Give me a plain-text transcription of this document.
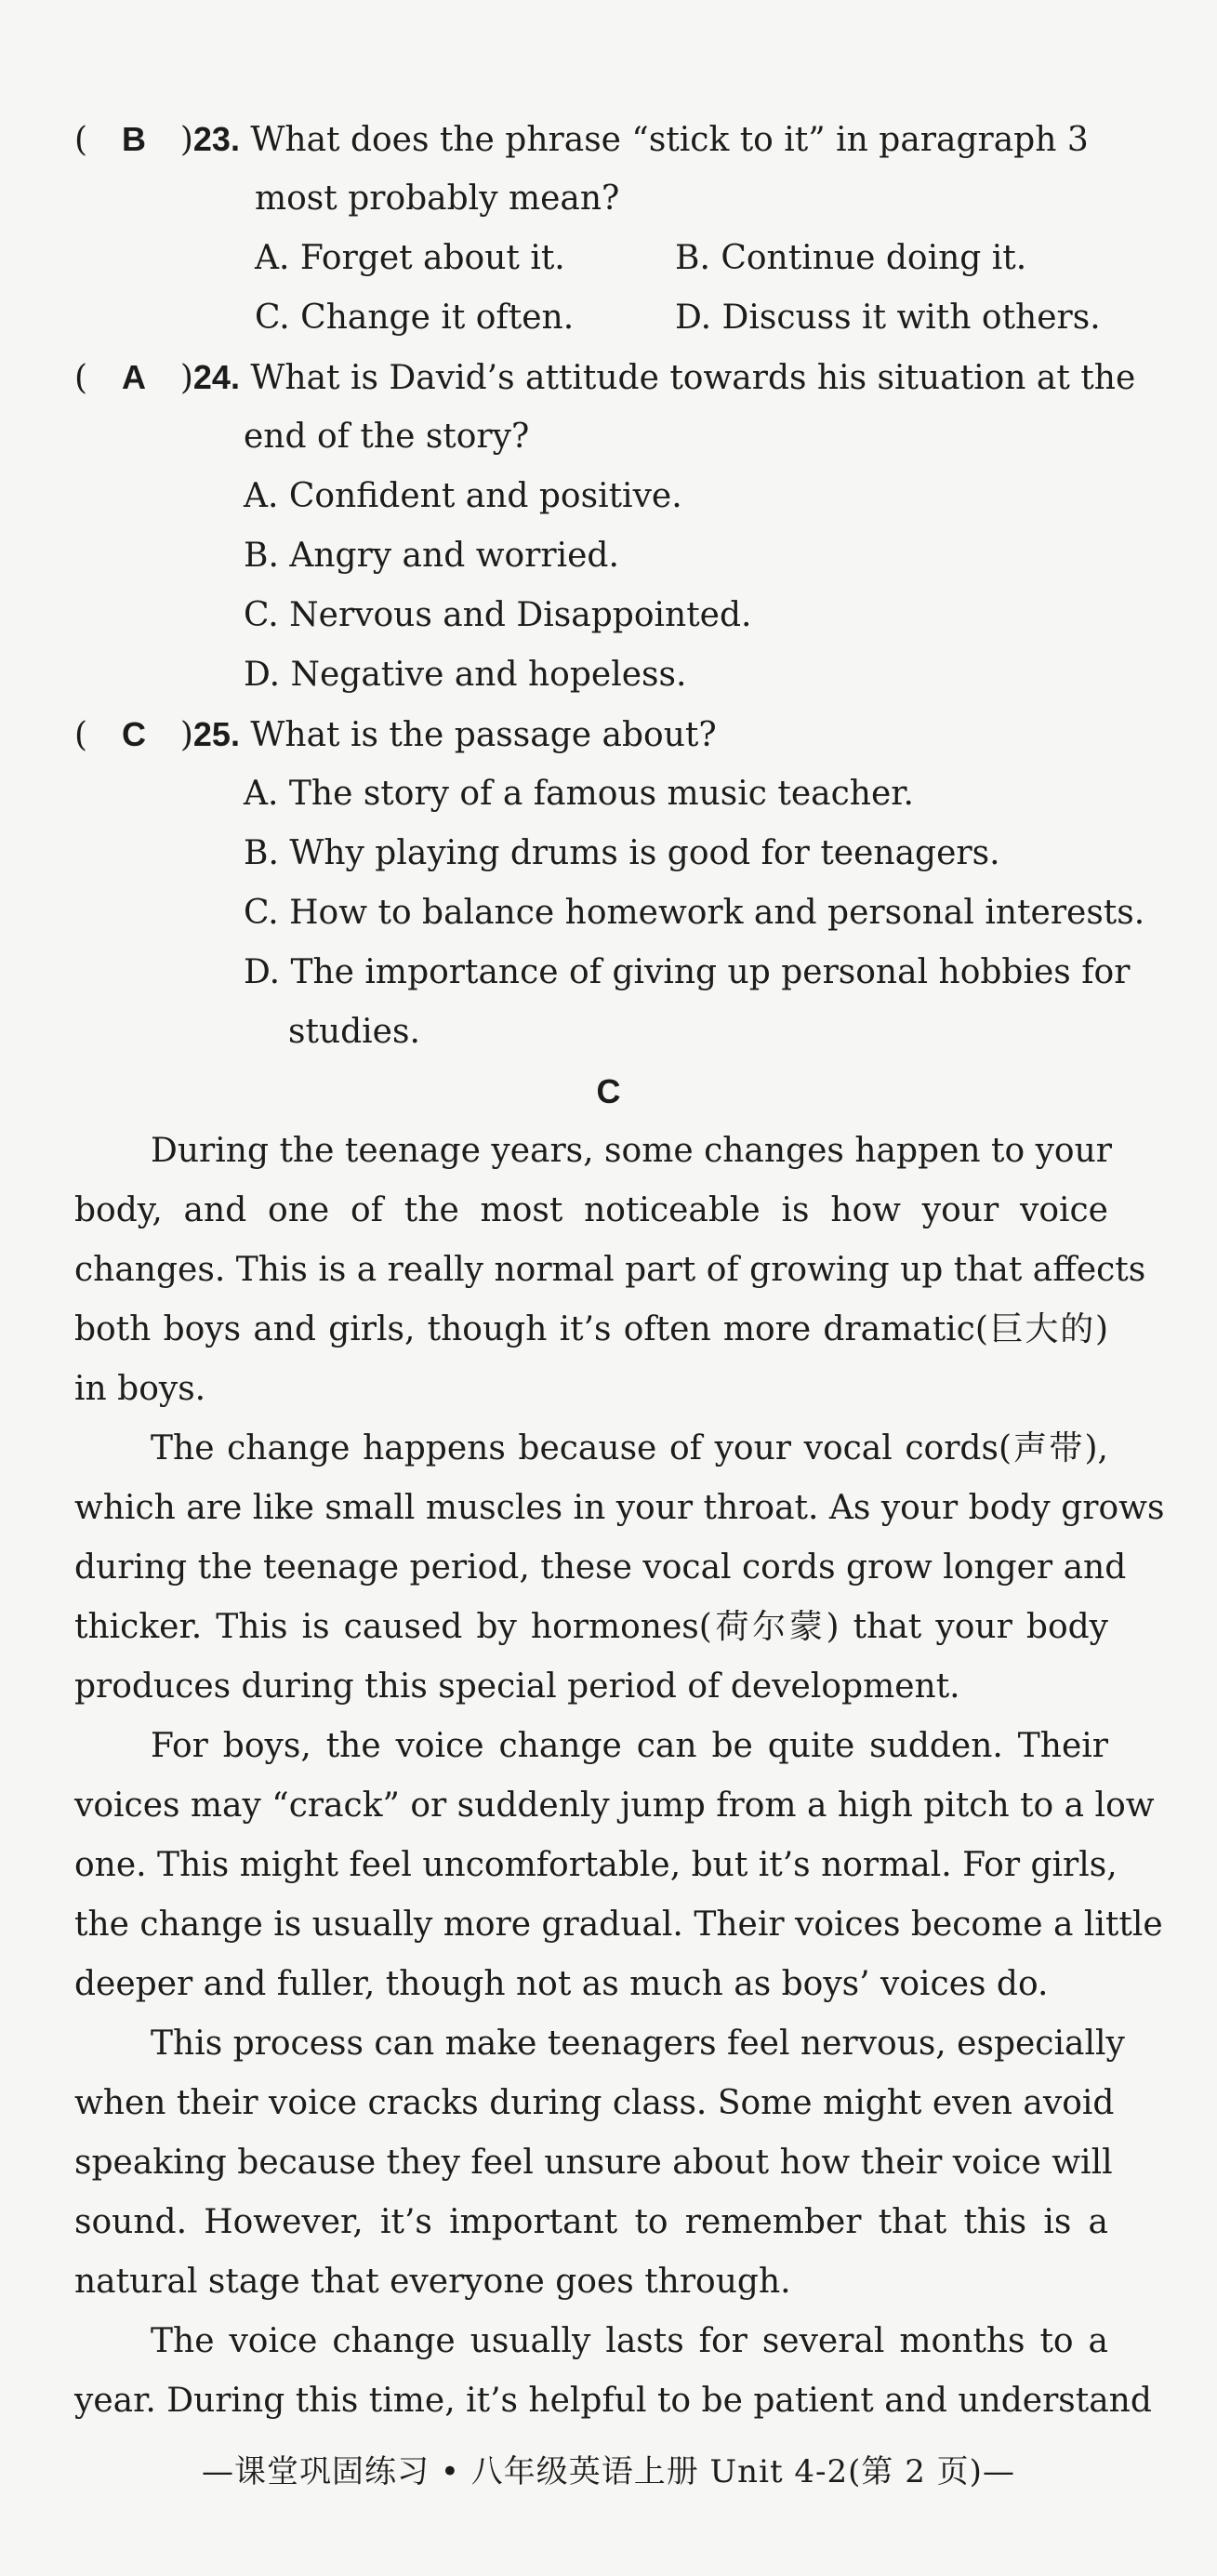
( B )23. What does the phrase “stick to it” in paragraph 3
most probably mean?
A. Forget about it.	B. Continue doing it.
C. Change it often.	D. Discuss it with others.
( A )24. What is David’s attitude towards his situation at the
end of the story?
A. Confident and positive.
B. Angry and worried.
C. Nervous and Disappointed.
D. Negative and hopeless.
( C )25. What is the passage about?
A. The story of a famous music teacher.
B. Why playing drums is good for teenagers.
C. How to balance homework and personal interests.
D. The importance of giving up personal hobbies for
studies.
C
During the teenage years, some changes happen to your
body, and one of the most noticeable is how your voice
changes. This is a really normal part of growing up that affects
both boys and girls, though it’s often more dramatic(巨大的)
in boys.
The change happens because of your vocal cords(声带),
which are like small muscles in your throat. As your body grows
during the teenage period, these vocal cords grow longer and
thicker. This is caused by hormones(荷尔蒙) that your body
produces during this special period of development.
For boys, the voice change can be quite sudden. Their
voices may “crack” or suddenly jump from a high pitch to a low
one. This might feel uncomfortable, but it’s normal. For girls,
the change is usually more gradual. Their voices become a little
deeper and fuller, though not as much as boys’ voices do.
This process can make teenagers feel nervous, especially
when their voice cracks during class. Some might even avoid
speaking because they feel unsure about how their voice will
sound. However, it’s important to remember that this is a
natural stage that everyone goes through.
The voice change usually lasts for several months to a
year. During this time, it’s helpful to be patient and understand
—课堂巩固练习 • 八年级英语上册 Unit 4-2(第 2 页)—
